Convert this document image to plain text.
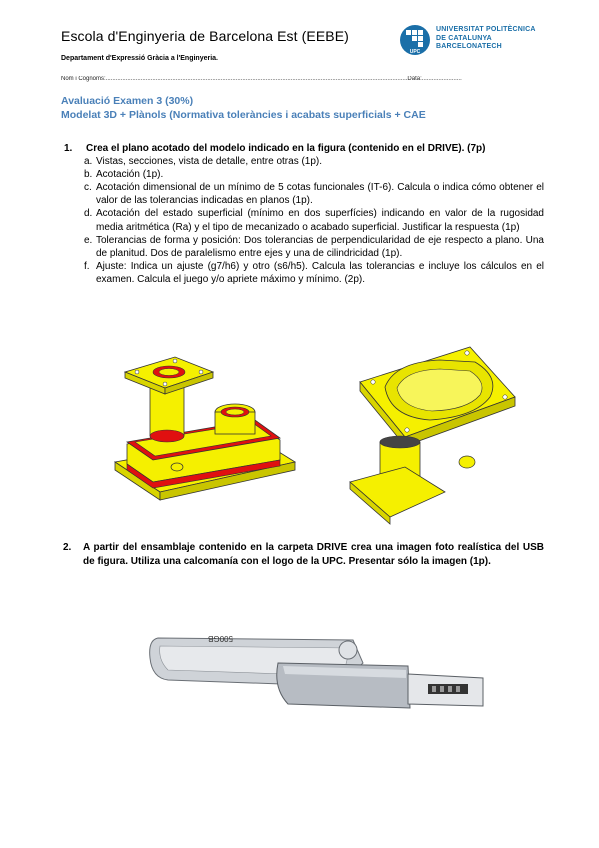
Escola d'Enginyeria de Barcelona Est (EEBE)
Departament d'Expressió Gràcia a l'Enginyeria.
Nom i Cognoms:.....................................................................................................................................................................................Data:........................
UPC
UNIVERSITAT POLITÈCNICA
DE CATALUNYA
BARCELONATECH
Avaluació Examen 3 (30%)
Modelat 3D + Plànols (Normativa toleràncies i acabats superficials + CAE
1.	Crea el plano acotado del modelo indicado en la figura (contenido en el DRIVE). (7p)
a. Vistas, secciones, vista de detalle, entre otras (1p).
b. Acotación (1p).
c. Acotación dimensional de un mínimo de 5 cotas funcionales (IT-6). Calcula o indica cómo obtener el valor de las tolerancias indicadas en planos (1p).
d. Acotación del estado superficial (mínimo en dos superfícies) indicando en valor de la rugosidad media aritmética (Ra) y el tipo de mecanizado o acabado superficial. Justificar la respuesta (1p)
e. Tolerancias de forma y posición: Dos tolerancias de perpendicularidad de eje respecto a plano. Una de planitud. Dos de paralelismo entre ejes y una de cilindricidad (1p).
f. Ajuste: Indica un ajuste (g7/h6) y otro (s6/h5). Calcula las tolerancias e incluye los cálculos en el examen. Calcula el juego y/o apriete máximo y mínimo. (2p).
2.	A partir del ensamblaje contenido en la carpeta DRIVE crea una imagen foto realística del USB de figura. Utiliza una calcomanía con el logo de la UPC. Presentar sólo la imagen (1p).
500GB
